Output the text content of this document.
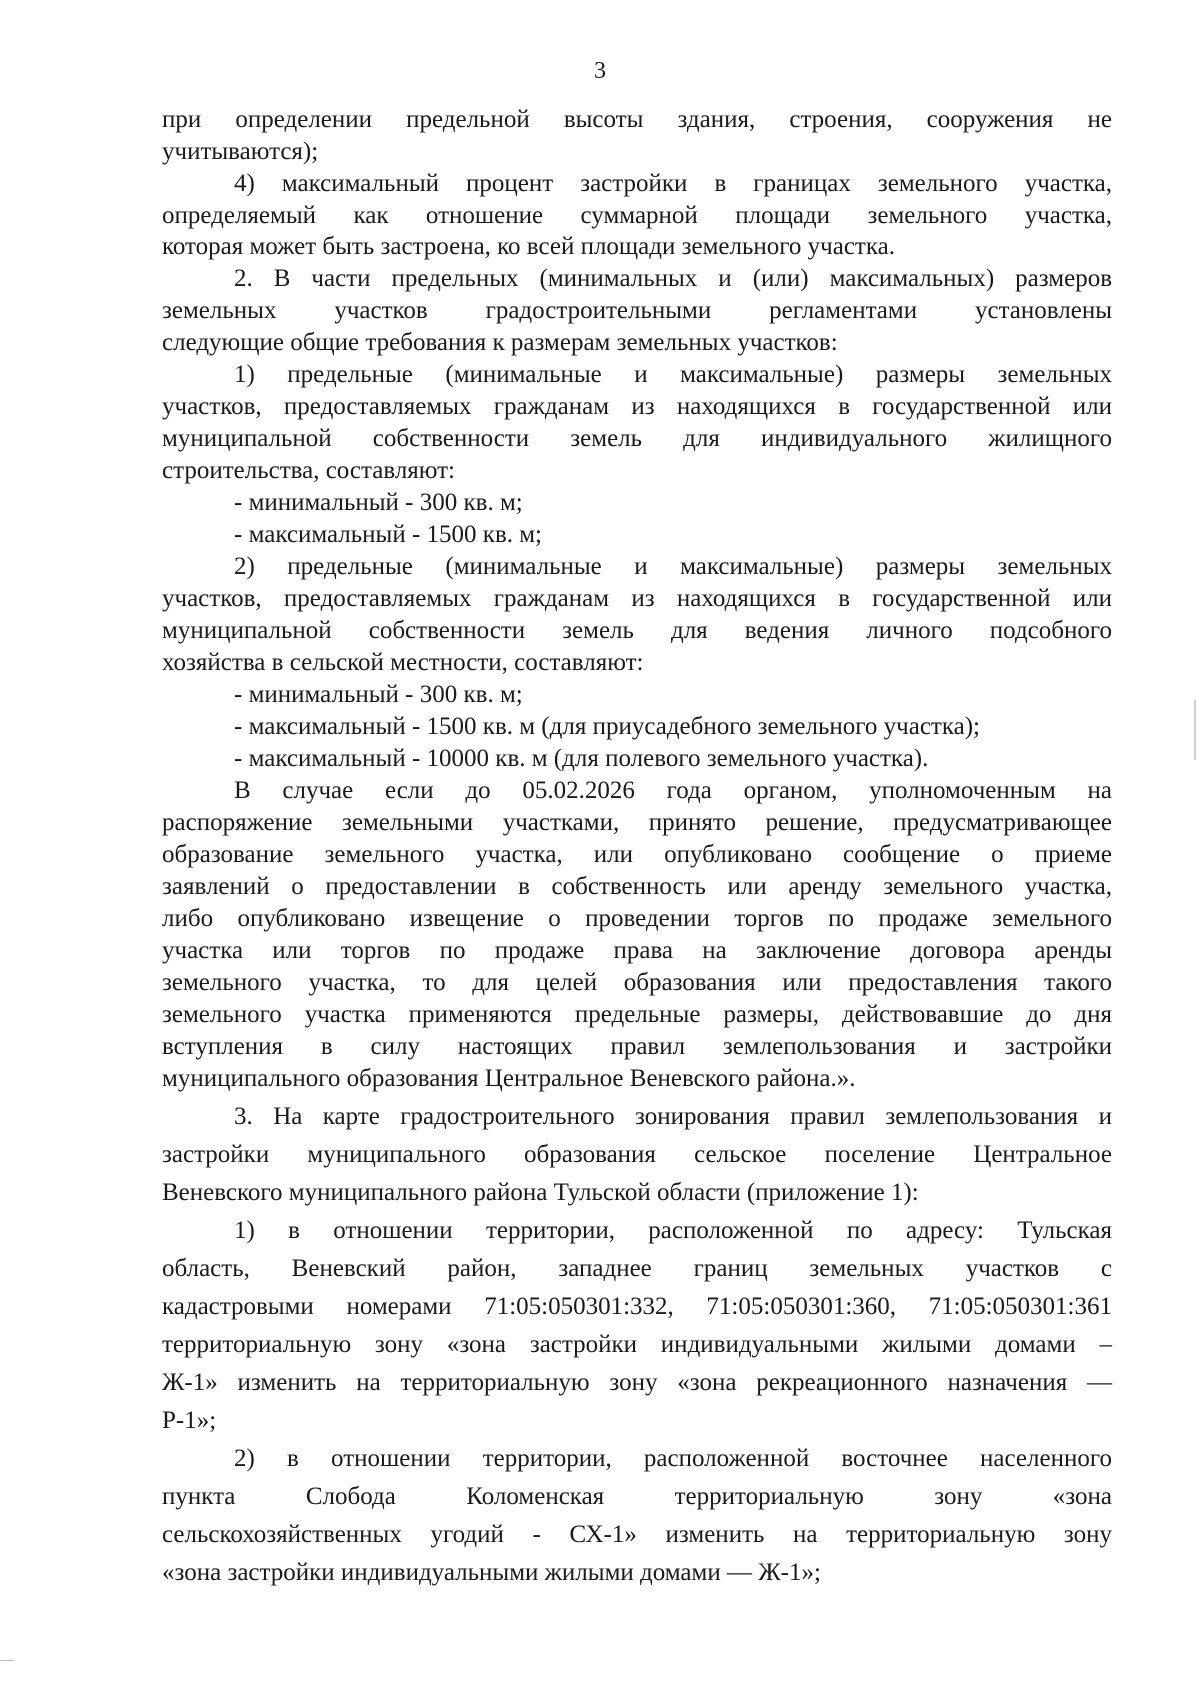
3
при определении предельной высоты здания, строения, сооружения не
учитываются);
4) максимальный процент застройки в границах земельного участка,
определяемый как отношение суммарной площади земельного участка,
которая может быть застроена, ко всей площади земельного участка.
2. В части предельных (минимальных и (или) максимальных) размеров
земельных участков градостроительными регламентами установлены
следующие общие требования к размерам земельных участков:
1) предельные (минимальные и максимальные) размеры земельных
участков, предоставляемых гражданам из находящихся в государственной или
муниципальной собственности земель для индивидуального жилищного
строительства, составляют:
- минимальный - 300 кв. м;
- максимальный - 1500 кв. м;
2) предельные (минимальные и максимальные) размеры земельных
участков, предоставляемых гражданам из находящихся в государственной или
муниципальной собственности земель для ведения личного подсобного
хозяйства в сельской местности, составляют:
- минимальный - 300 кв. м;
- максимальный - 1500 кв. м (для приусадебного земельного участка);
- максимальный - 10000 кв. м (для полевого земельного участка).
В случае если до 05.02.2026 года органом, уполномоченным на
распоряжение земельными участками, принято решение, предусматривающее
образование земельного участка, или опубликовано сообщение о приеме
заявлений о предоставлении в собственность или аренду земельного участка,
либо опубликовано извещение о проведении торгов по продаже земельного
участка или торгов по продаже права на заключение договора аренды
земельного участка, то для целей образования или предоставления такого
земельного участка применяются предельные размеры, действовавшие до дня
вступления в силу настоящих правил землепользования и застройки
муниципального образования Центральное Веневского района.».
3. На карте градостроительного зонирования правил землепользования и
застройки муниципального образования сельское поселение Центральное
Веневского муниципального района Тульской области (приложение 1):
1) в отношении территории, расположенной по адресу: Тульская
область, Веневский район, западнее границ земельных участков с
кадастровыми номерами 71:05:050301:332, 71:05:050301:360, 71:05:050301:361
территориальную зону «зона застройки индивидуальными жилыми домами –
Ж-1» изменить на территориальную зону «зона рекреационного назначения —
Р-1»;
2) в отношении территории, расположенной восточнее населенного
пункта Слобода Коломенская территориальную зону «зона
сельскохозяйственных угодий - СХ-1» изменить на территориальную зону
«зона застройки индивидуальными жилыми домами — Ж-1»;
